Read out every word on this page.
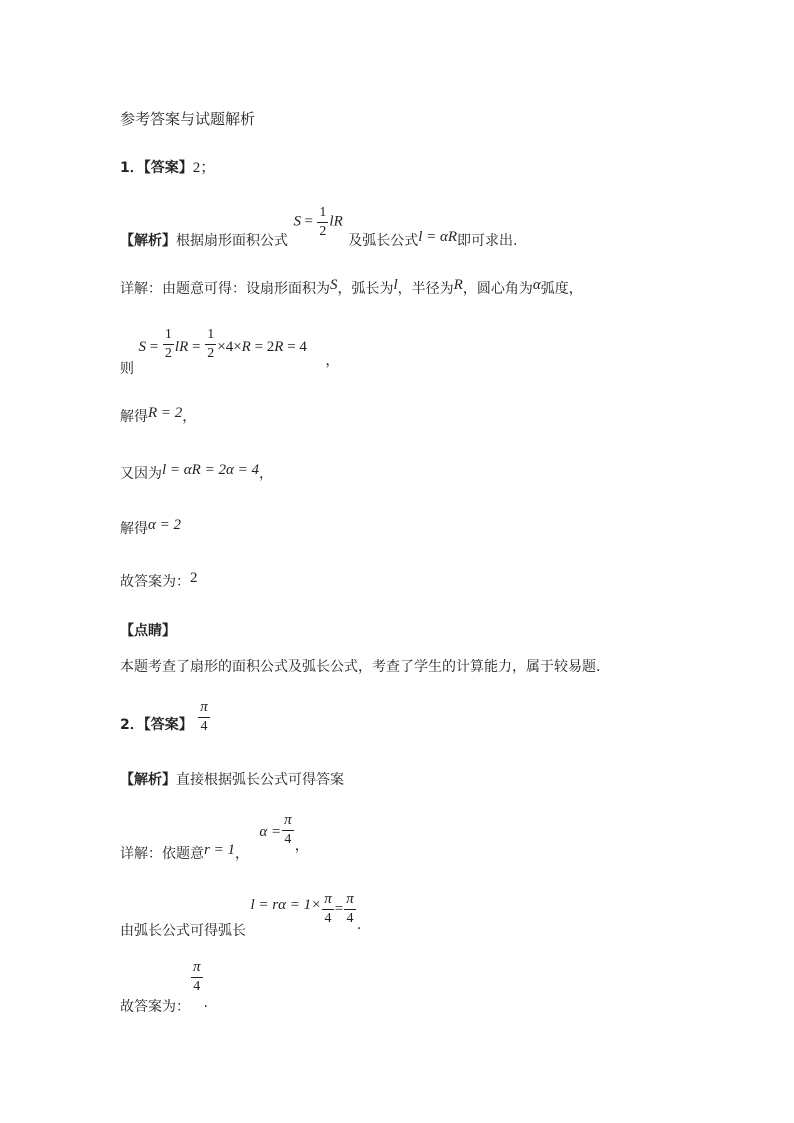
参考答案与试题解析
1．【答案】2；
【解析】根据扇形面积公式 $S = \frac{1}{2}$ lR 及弧长公式l = αR即可求出.
详解：由题意可得：设扇形面积为S，弧长为l，半径为R，圆心角为α弧度，
则 $S = \frac{1}{2}$ lR = $\frac{1}{2} \times 4\times R = 2R = 4$ ，
解得R = 2，
又因为l = αR = 2α = 4，
解得α = 2
故答案为：2
【点睛】
本题考查了扇形的面积公式及弧长公式，考查了学生的计算能力，属于较易题.
2．【答案】 $\frac{\pi}{4}$
【解析】直接根据弧长公式可得答案
详解：依题意r = 1， $\alpha = \frac{\pi}{4}$ ，
由弧长公式可得弧长 $l = r\alpha = 1\times \frac{\pi}{4} = \frac{\pi}{4}$ .
故答案为：
$\frac{\pi}{4}$
.
